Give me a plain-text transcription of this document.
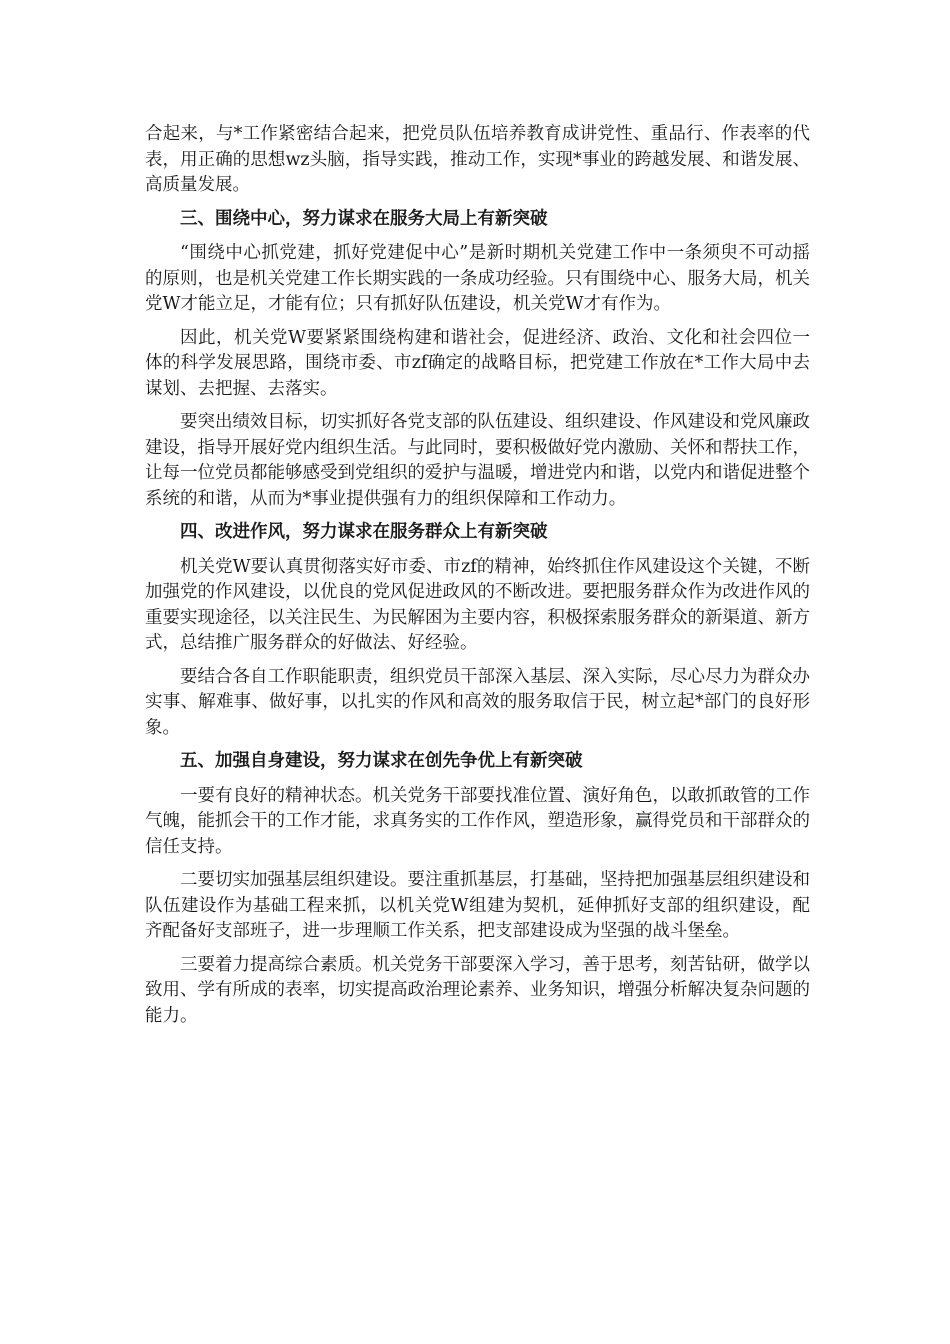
合起来，与*工作紧密结合起来，把党员队伍培养教育成讲党性、重品行、作表率的代表，用正确的思想wz头脑，指导实践，推动工作，实现*事业的跨越发展、和谐发展、高质量发展。

三、围绕中心，努力谋求在服务大局上有新突破

“围绕中心抓党建，抓好党建促中心”是新时期机关党建工作中一条须臾不可动摇的原则，也是机关党建工作长期实践的一条成功经验。只有围绕中心、服务大局，机关党W才能立足，才能有位；只有抓好队伍建设，机关党W才有作为。

因此，机关党W要紧紧围绕构建和谐社会，促进经济、政治、文化和社会四位一体的科学发展思路，围绕市委、市zf确定的战略目标，把党建工作放在*工作大局中去谋划、去把握、去落实。

要突出绩效目标，切实抓好各党支部的队伍建设、组织建设、作风建设和党风廉政建设，指导开展好党内组织生活。与此同时，要积极做好党内激励、关怀和帮扶工作，让每一位党员都能够感受到党组织的爱护与温暖，增进党内和谐，以党内和谐促进整个系统的和谐，从而为*事业提供强有力的组织保障和工作动力。

四、改进作风，努力谋求在服务群众上有新突破

机关党W要认真贯彻落实好市委、市zf的精神，始终抓住作风建设这个关键，不断加强党的作风建设，以优良的党风促进政风的不断改进。要把服务群众作为改进作风的重要实现途径，以关注民生、为民解困为主要内容，积极探索服务群众的新渠道、新方式，总结推广服务群众的好做法、好经验。

要结合各自工作职能职责，组织党员干部深入基层、深入实际，尽心尽力为群众办实事、解难事、做好事，以扎实的作风和高效的服务取信于民，树立起*部门的良好形象。

五、加强自身建设，努力谋求在创先争优上有新突破

一要有良好的精神状态。机关党务干部要找准位置、演好角色，以敢抓敢管的工作气魄，能抓会干的工作才能，求真务实的工作作风，塑造形象，赢得党员和干部群众的信任支持。

二要切实加强基层组织建设。要注重抓基层，打基础，坚持把加强基层组织建设和队伍建设作为基础工程来抓，以机关党W组建为契机，延伸抓好支部的组织建设，配齐配备好支部班子，进一步理顺工作关系，把支部建设成为坚强的战斗堡垒。

三要着力提高综合素质。机关党务干部要深入学习，善于思考，刻苦钻研，做学以致用、学有所成的表率，切实提高政治理论素养、业务知识，增强分析解决复杂问题的能力。
